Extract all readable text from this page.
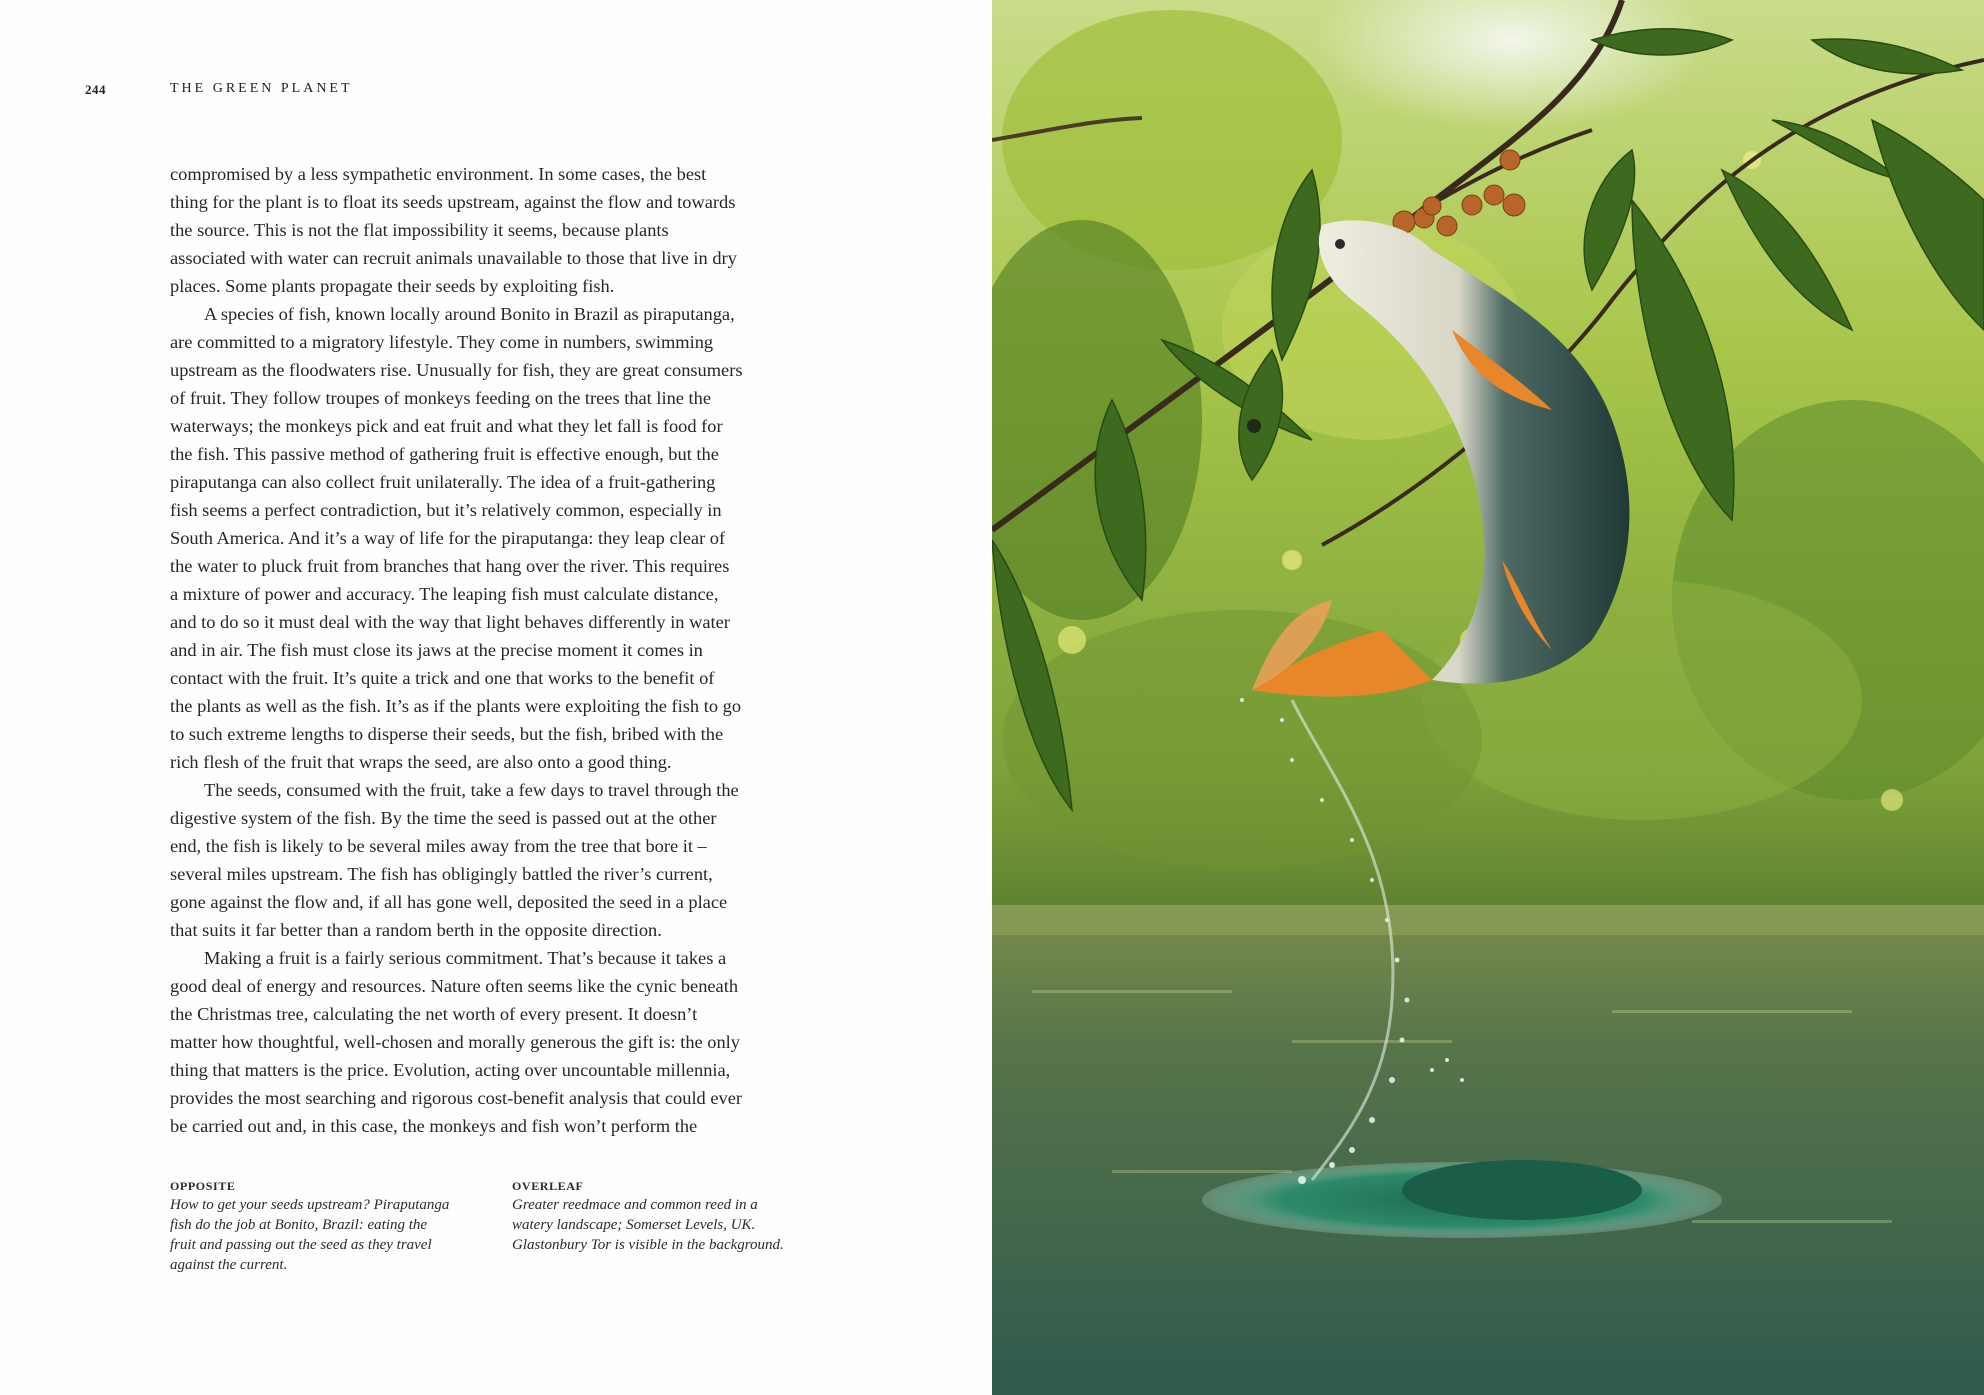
244	THE GREEN PLANET
compromised by a less sympathetic environment. In some cases, the best
thing for the plant is to float its seeds upstream, against the flow and towards
the source. This is not the flat impossibility it seems, because plants
associated with water can recruit animals unavailable to those that live in dry
places. Some plants propagate their seeds by exploiting fish.
A species of fish, known locally around Bonito in Brazil as piraputanga,
are committed to a migratory lifestyle. They come in numbers, swimming
upstream as the floodwaters rise. Unusually for fish, they are great consumers
of fruit. They follow troupes of monkeys feeding on the trees that line the
waterways; the monkeys pick and eat fruit and what they let fall is food for
the fish. This passive method of gathering fruit is effective enough, but the
piraputanga can also collect fruit unilaterally. The idea of a fruit-gathering
fish seems a perfect contradiction, but it’s relatively common, especially in
South America. And it’s a way of life for the piraputanga: they leap clear of
the water to pluck fruit from branches that hang over the river. This requires
a mixture of power and accuracy. The leaping fish must calculate distance,
and to do so it must deal with the way that light behaves differently in water
and in air. The fish must close its jaws at the precise moment it comes in
contact with the fruit. It’s quite a trick and one that works to the benefit of
the plants as well as the fish. It’s as if the plants were exploiting the fish to go
to such extreme lengths to disperse their seeds, but the fish, bribed with the
rich flesh of the fruit that wraps the seed, are also onto a good thing.
The seeds, consumed with the fruit, take a few days to travel through the
digestive system of the fish. By the time the seed is passed out at the other
end, the fish is likely to be several miles away from the tree that bore it –
several miles upstream. The fish has obligingly battled the river’s current,
gone against the flow and, if all has gone well, deposited the seed in a place
that suits it far better than a random berth in the opposite direction.
Making a fruit is a fairly serious commitment. That’s because it takes a
good deal of energy and resources. Nature often seems like the cynic beneath
the Christmas tree, calculating the net worth of every present. It doesn’t
matter how thoughtful, well-chosen and morally generous the gift is: the only
thing that matters is the price. Evolution, acting over uncountable millennia,
provides the most searching and rigorous cost-benefit analysis that could ever
be carried out and, in this case, the monkeys and fish won’t perform the
OPPOSITE
How to get your seeds upstream? Piraputanga
fish do the job at Bonito, Brazil: eating the
fruit and passing out the seed as they travel
against the current.
OVERLEAF
Greater reedmace and common reed in a
watery landscape; Somerset Levels, UK.
Glastonbury Tor is visible in the background.
